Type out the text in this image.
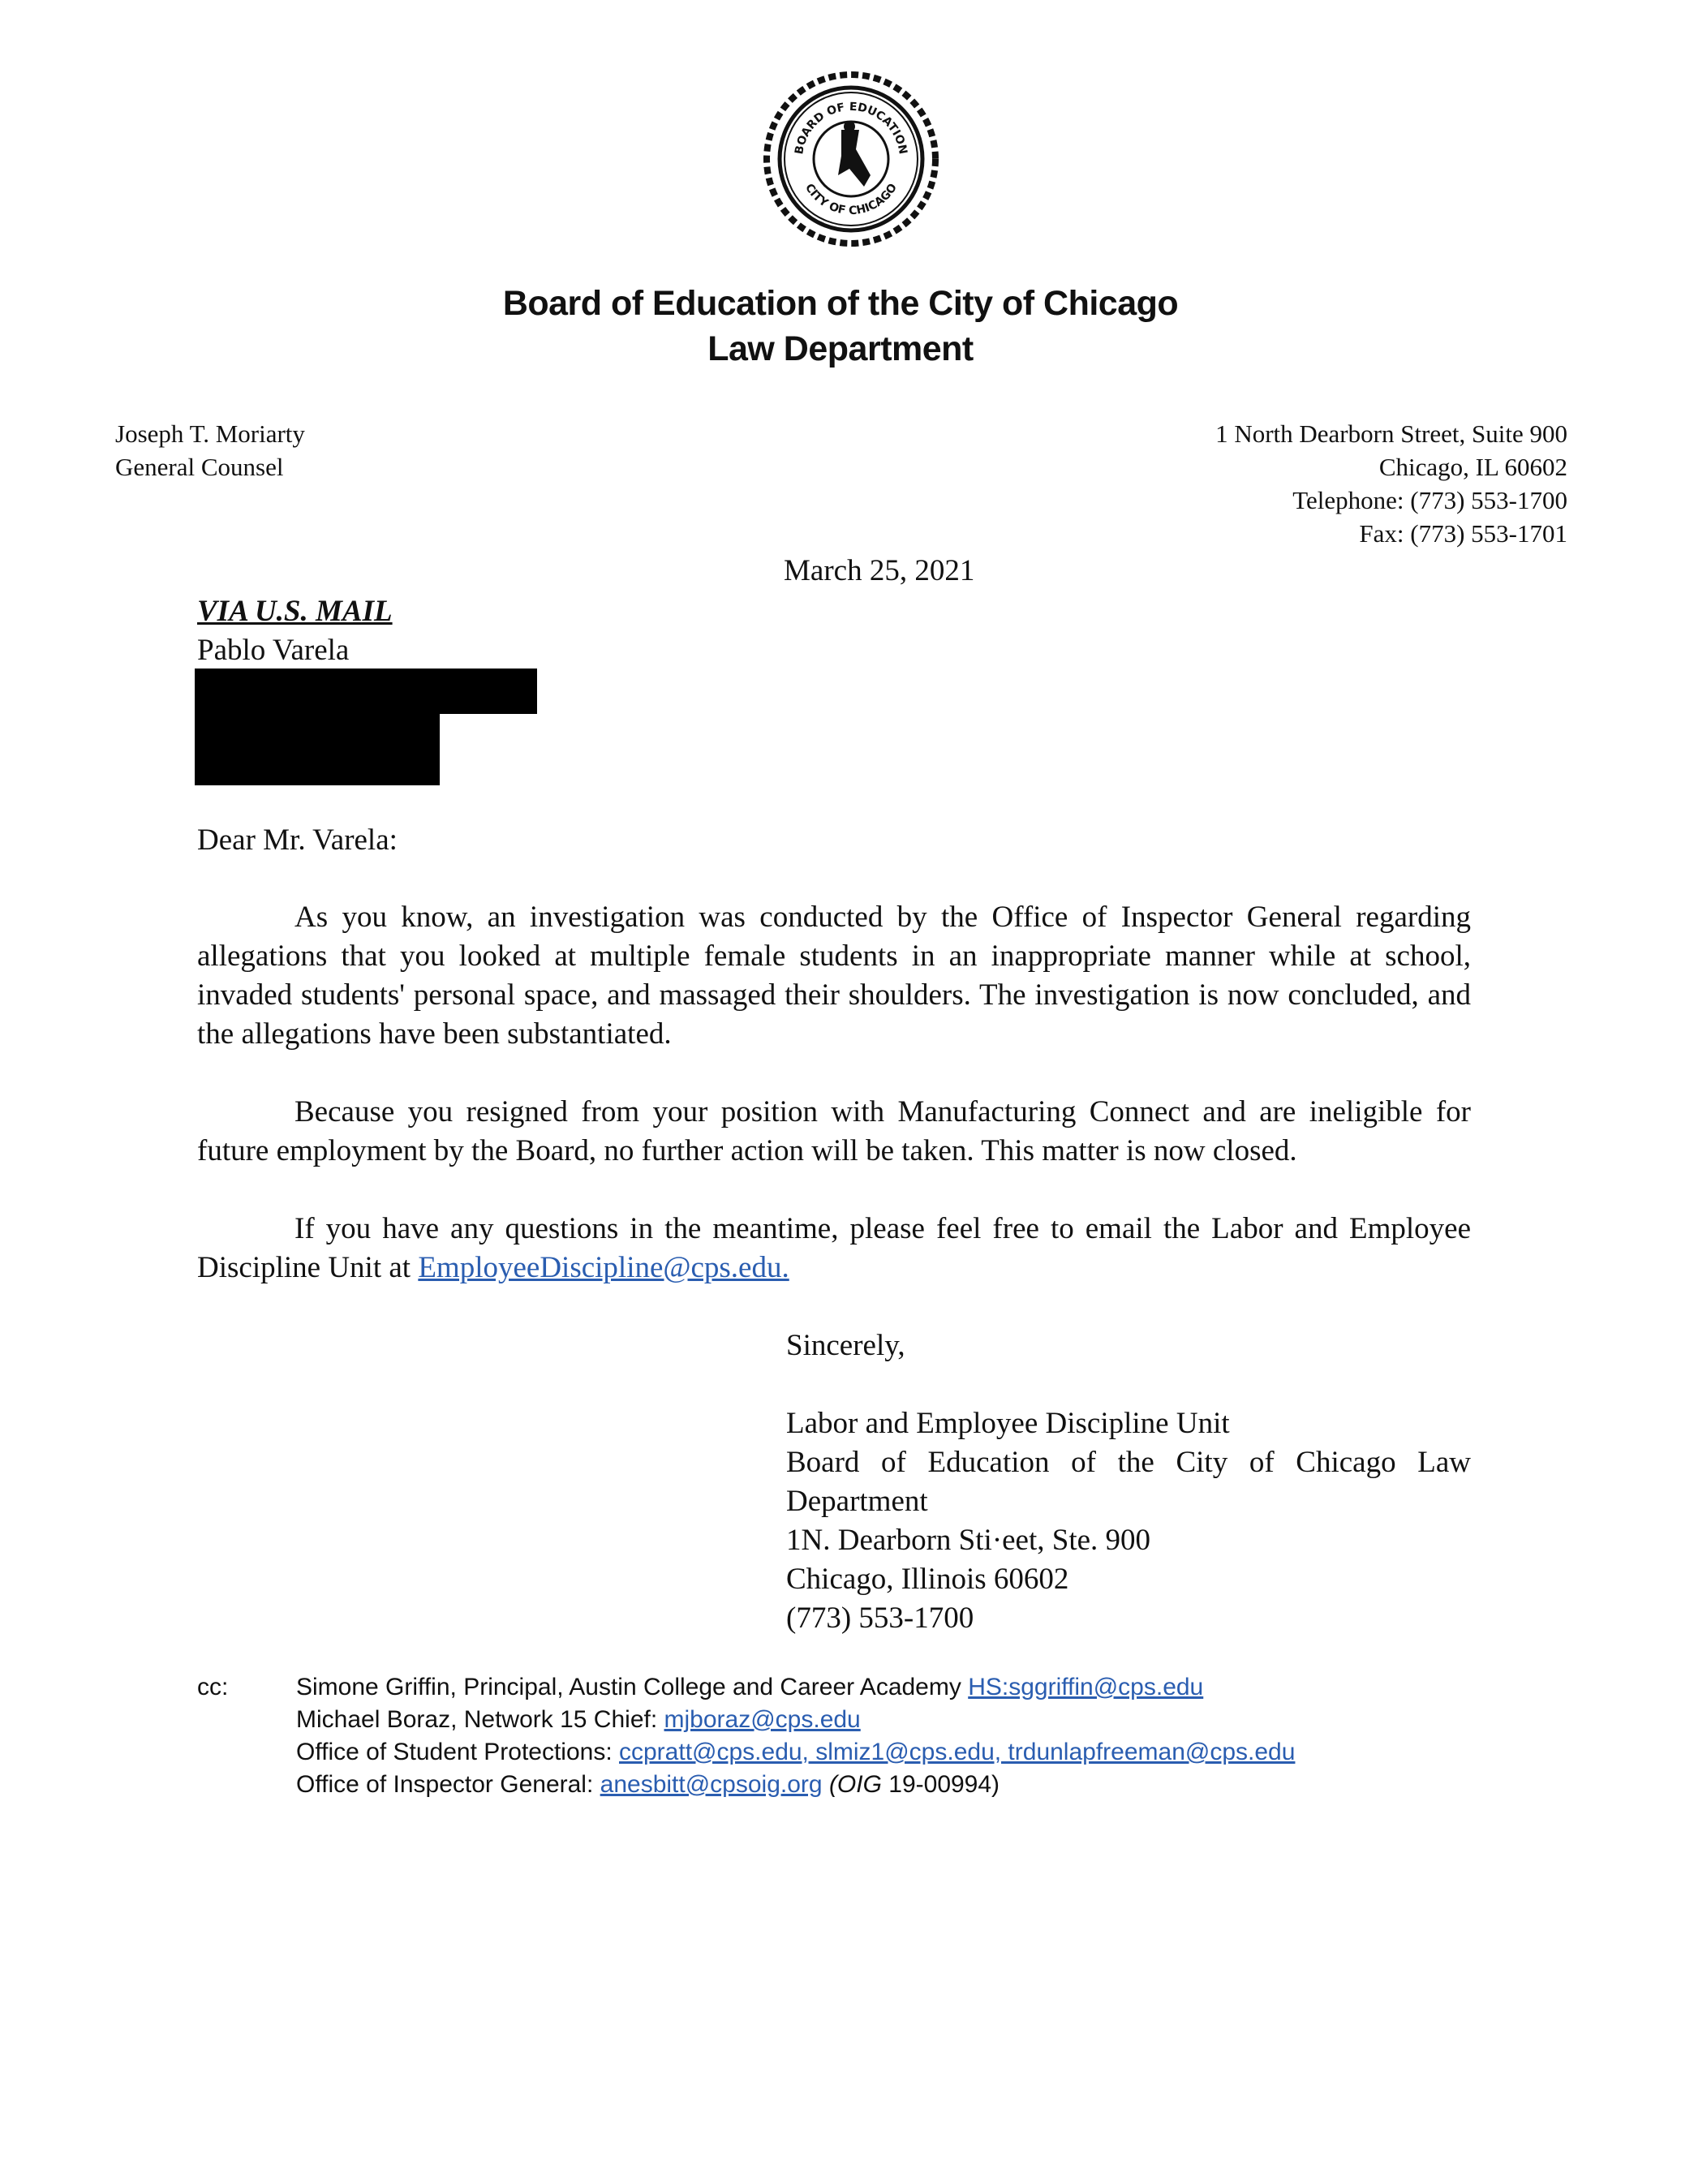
BOARD OF EDUCATION
CITY OF CHICAGO
Board of Education of the City of Chicago
Law Department
Joseph T. Moriarty
General Counsel
1 North Dearborn Street, Suite 900
Chicago, IL 60602
Telephone: (773) 553-1700
Fax: (773) 553-1701
March 25, 2021
VIA U.S. MAIL
Pablo Varela
Dear Mr. Varela:

As you know, an investigation was conducted by the Office of Inspector General regarding allegations that you looked at multiple female students in an inappropriate manner while at school, invaded students' personal space, and massaged their shoulders. The investigation is now concluded, and the allegations have been substantiated.

Because you resigned from your position with Manufacturing Connect and are ineligible for future employment by the Board, no further action will be taken. This matter is now closed.

If you have any questions in the meantime, please feel free to email the Labor and Employee Discipline Unit at EmployeeDiscipline@cps.edu.

Sincerely,
Labor and Employee Discipline Unit
Board of Education of the City of Chicago Law
Department
1N. Dearborn Sti·eet, Ste. 900
Chicago, Illinois 60602
(773) 553-1700
cc:	Simone Griffin, Principal, Austin College and Career Academy HS:sggriffin@cps.edu
Michael Boraz, Network 15 Chief: mjboraz@cps.edu
Office of Student Protections: ccpratt@cps.edu, slmiz1@cps.edu, trdunlapfreeman@cps.edu
Office of Inspector General: anesbitt@cpsoig.org (OIG 19-00994)
